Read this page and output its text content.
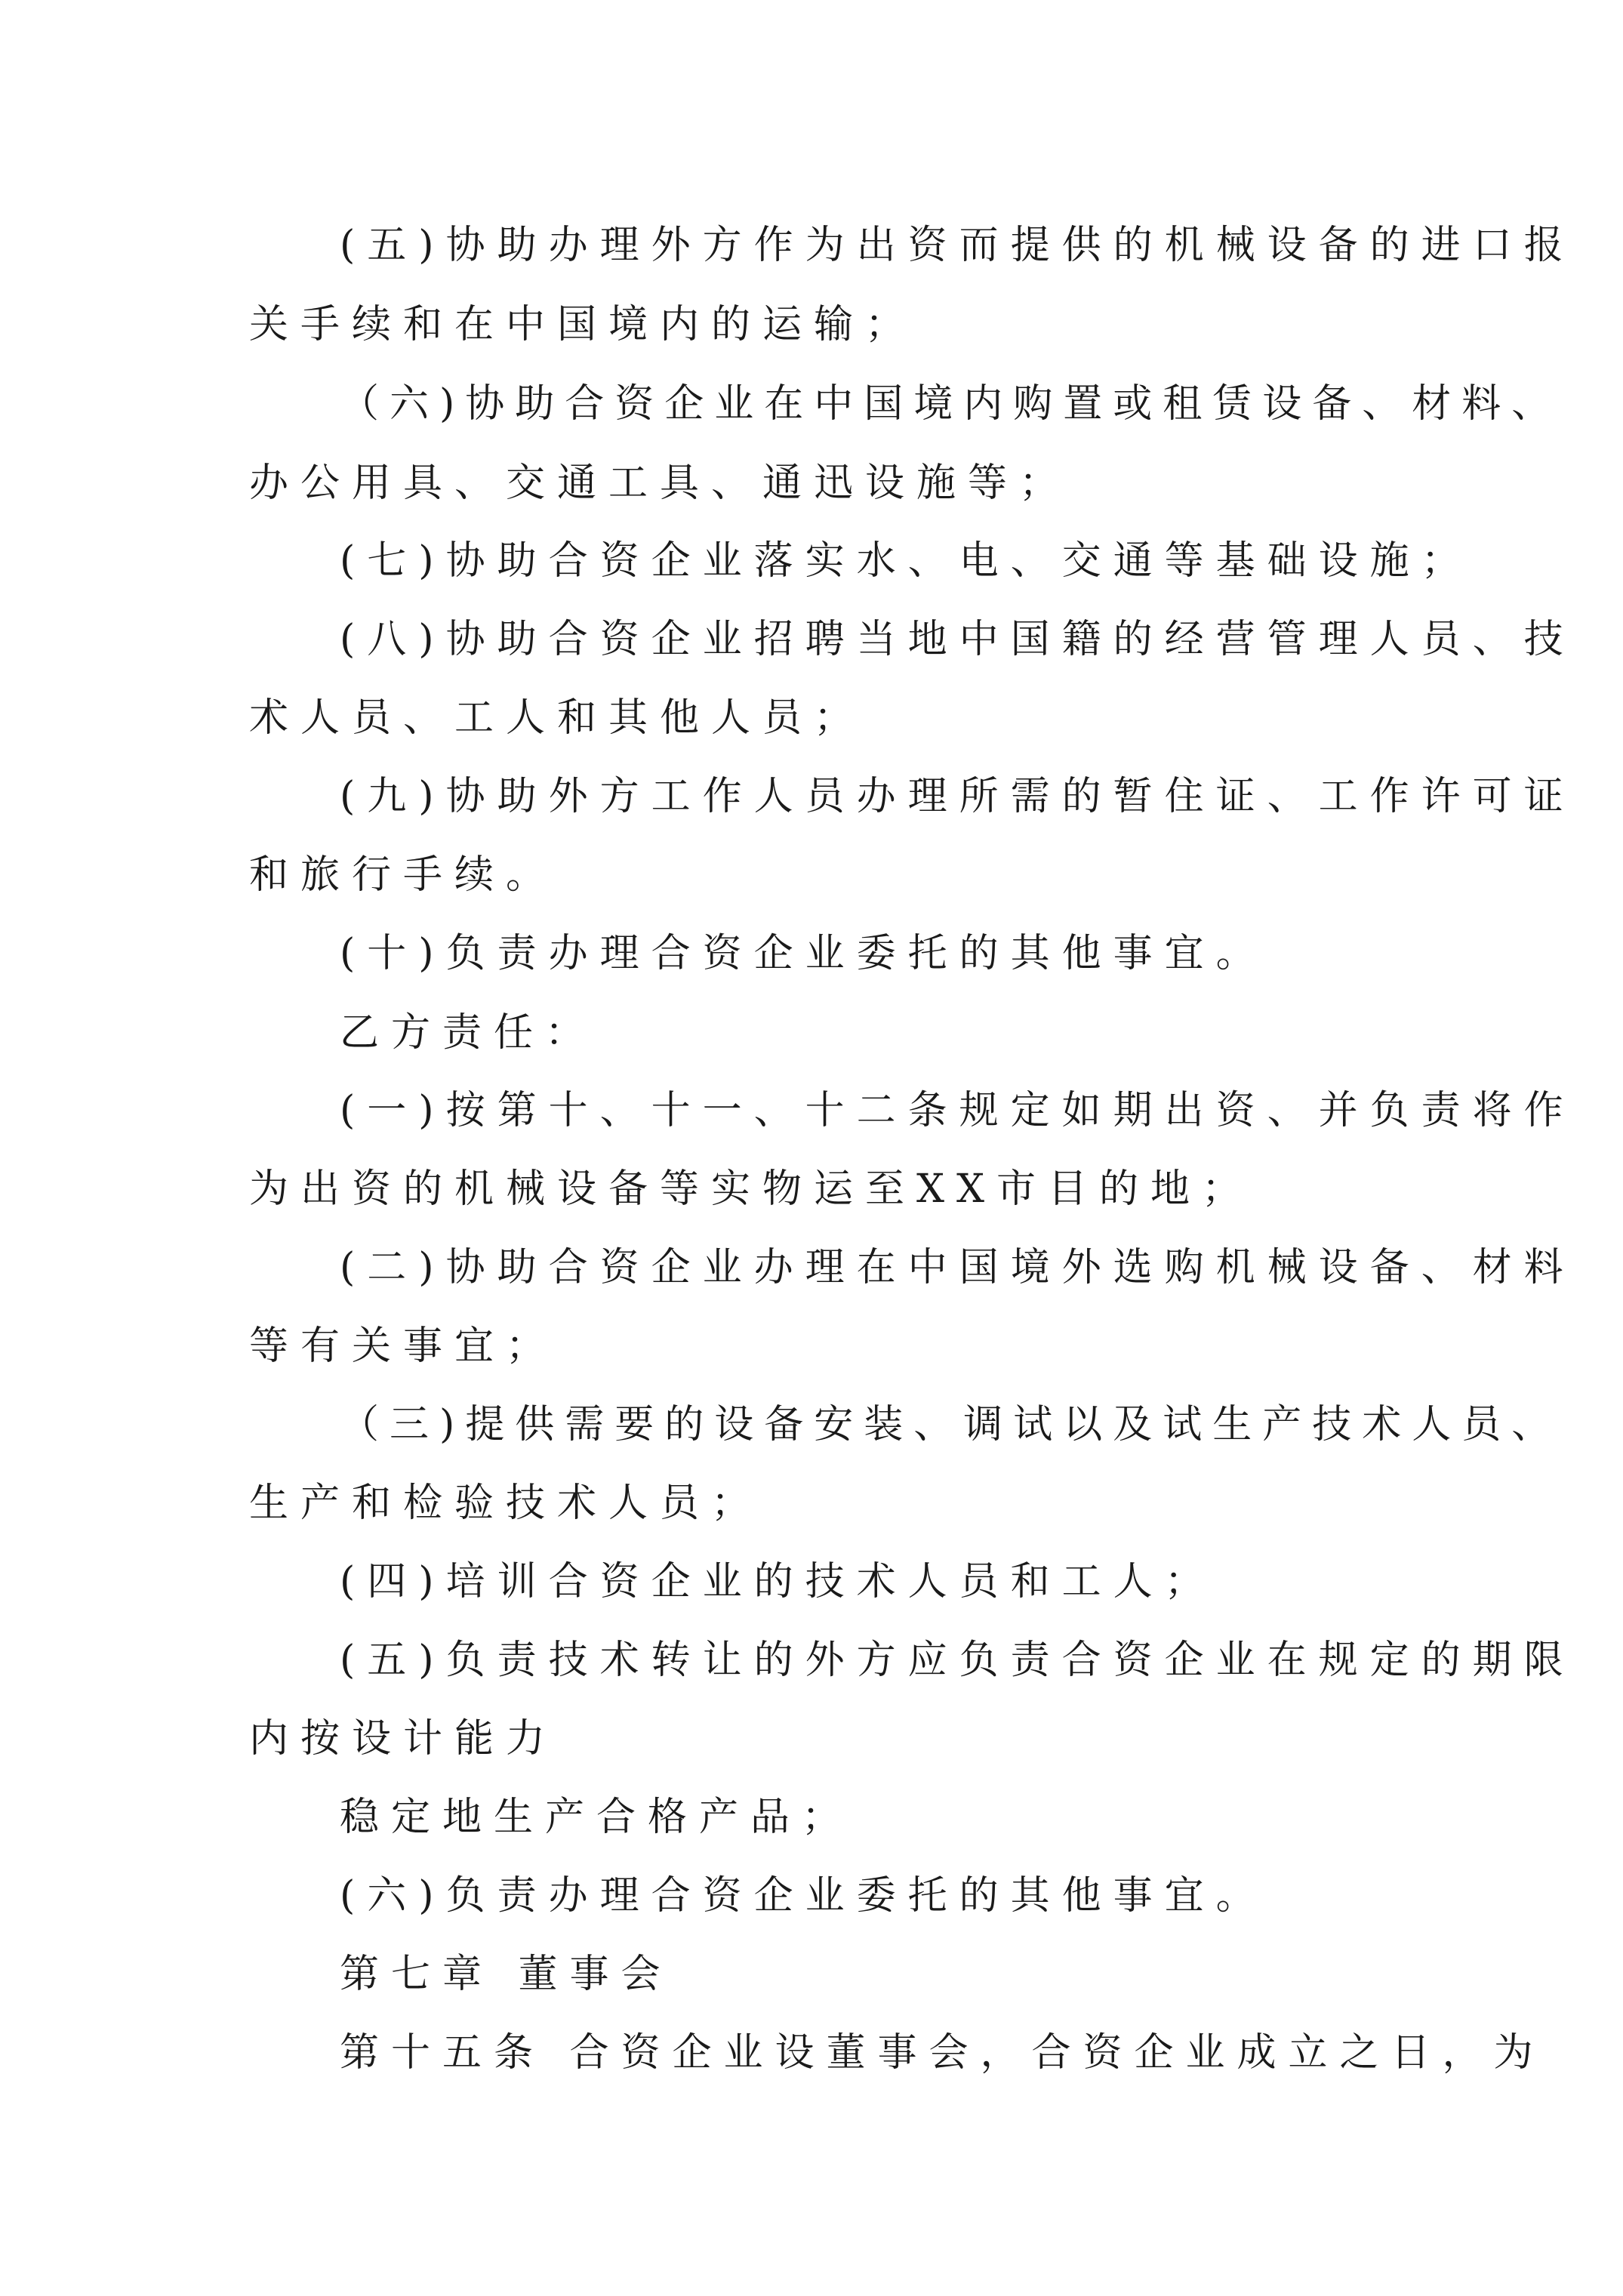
(五)协助办理外方作为出资而提供的机械设备的进口报

关手续和在中国境内的运输；

（六)协助合资企业在中国境内购置或租赁设备、材料、

办公用具、交通工具、通迅设施等；

(七)协助合资企业落实水、电、交通等基础设施；

(八)协助合资企业招聘当地中国籍的经营管理人员、技

术人员、工人和其他人员；

(九)协助外方工作人员办理所需的暂住证、工作许可证

和旅行手续。

(十)负责办理合资企业委托的其他事宜。

乙方责任：

(一)按第十、十一、十二条规定如期出资、并负责将作

为出资的机械设备等实物运至XX市目的地；

(二)协助合资企业办理在中国境外选购机械设备、材料

等有关事宜；

（三)提供需要的设备安装、调试以及试生产技术人员、

生产和检验技术人员；

(四)培训合资企业的技术人员和工人；

(五)负责技术转让的外方应负责合资企业在规定的期限

内按设计能力

稳定地生产合格产品；

(六)负责办理合资企业委托的其他事宜。

第七章 董事会

第十五条 合资企业设董事会，合资企业成立之日，为
